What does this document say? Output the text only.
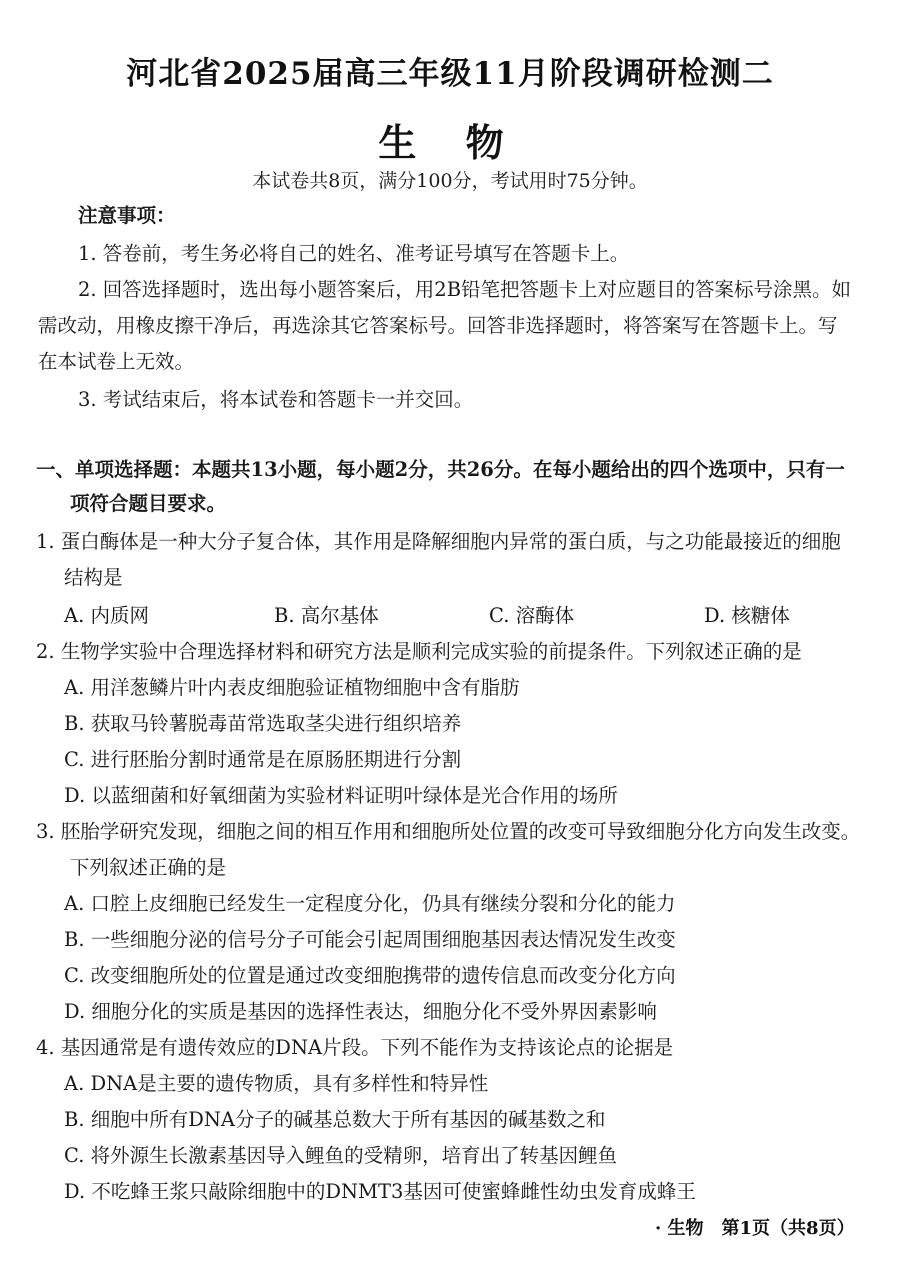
河北省2025届高三年级11月阶段调研检测二
生 物
本试卷共8页，满分100分，考试用时75分钟。
注意事项：
1. 答卷前，考生务必将自己的姓名、准考证号填写在答题卡上。
2. 回答选择题时，选出每小题答案后，用2B铅笔把答题卡上对应题目的答案标号涂黑。如
需改动，用橡皮擦干净后，再选涂其它答案标号。回答非选择题时，将答案写在答题卡上。写
在本试卷上无效。
3. 考试结束后，将本试卷和答题卡一并交回。
一、单项选择题：本题共13小题，每小题2分，共26分。在每小题给出的四个选项中，只有一
项符合题目要求。
1. 蛋白酶体是一种大分子复合体，其作用是降解细胞内异常的蛋白质，与之功能最接近的细胞
结构是
A. 内质网	B. 高尔基体	C. 溶酶体	D. 核糖体
2. 生物学实验中合理选择材料和研究方法是顺利完成实验的前提条件。下列叙述正确的是
A. 用洋葱鳞片叶内表皮细胞验证植物细胞中含有脂肪
B. 获取马铃薯脱毒苗常选取茎尖进行组织培养
C. 进行胚胎分割时通常是在原肠胚期进行分割
D. 以蓝细菌和好氧细菌为实验材料证明叶绿体是光合作用的场所
3. 胚胎学研究发现，细胞之间的相互作用和细胞所处位置的改变可导致细胞分化方向发生改变。
下列叙述正确的是
A. 口腔上皮细胞已经发生一定程度分化，仍具有继续分裂和分化的能力
B. 一些细胞分泌的信号分子可能会引起周围细胞基因表达情况发生改变
C. 改变细胞所处的位置是通过改变细胞携带的遗传信息而改变分化方向
D. 细胞分化的实质是基因的选择性表达，细胞分化不受外界因素影响
4. 基因通常是有遗传效应的DNA片段。下列不能作为支持该论点的论据是
A. DNA是主要的遗传物质，具有多样性和特异性
B. 细胞中所有DNA分子的碱基总数大于所有基因的碱基数之和
C. 将外源生长激素基因导入鲤鱼的受精卵，培育出了转基因鲤鱼
D. 不吃蜂王浆只敲除细胞中的DNMT3基因可使蜜蜂雌性幼虫发育成蜂王
· 生物　第1页（共8页）
